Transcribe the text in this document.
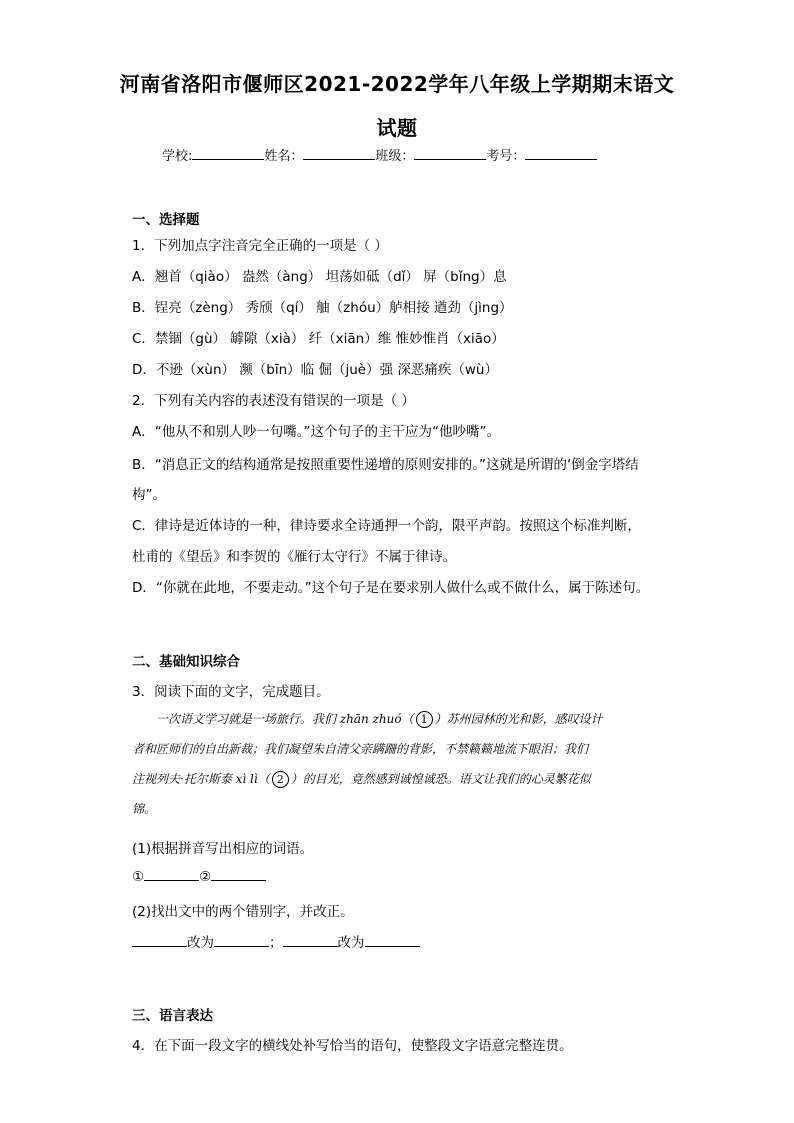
河南省洛阳市偃师区2021-2022学年八年级上学期期末语文
试题
学校:	姓名：	班级：	考号：
一、选择题
1．下列加点字注音完全正确的一项是（ ）
A．翘首（qiào） 盎然（àng） 坦荡如砥（dǐ） 屏（bǐng）息
B．锃亮（zèng） 秀颀（qí） 舳（zhóu）舻相接 遒劲（jìng）
C．禁锢（gù） 罅隙（xià） 纤（xiān）维 惟妙惟肖（xiāo）
D．不逊（xùn） 濒（bīn）临 倔（juè）强 深恶痛疾（wù）
2．下列有关内容的表述没有错误的一项是（ ）
A．“他从不和别人吵一句嘴。”这个句子的主干应为“他吵嘴”。
B．“消息正文的结构通常是按照重要性递增的原则安排的。”这就是所谓的‘倒金字塔结
构”。
C．律诗是近体诗的一种，律诗要求全诗通押一个韵，限平声韵。按照这个标准判断，
杜甫的《望岳》和李贺的《雁行太守行》不属于律诗。
D．“你就在此地，不要走动。”这个句子是在要求别人做什么或不做什么，属于陈述句。
二、基础知识综合
3．阅读下面的文字，完成题目。
一次语文学习就是一场旅行。我们 zhān zhuó（ 1 ）苏州园林的光和影，感叹设计
者和匠师们的自出新裁；我们凝望朱自清父亲蹒跚的背影，不禁籁籁地流下眼泪；我们
注视列夫·托尔斯泰 xì lì（ 2 ）的目光，竟然感到诚惶诚恐。语文让我们的心灵繁花似
锦。
(1)根据拼音写出相应的词语。
①	②
(2)找出文中的两个错别字，并改正。
改为	；	改为
三、语言表达
4．在下面一段文字的横线处补写恰当的语句，使整段文字语意完整连贯。
